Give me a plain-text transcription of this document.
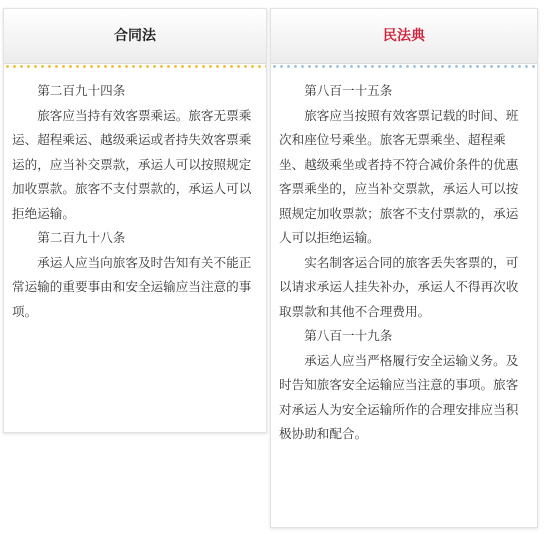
合同法

第二百九十四条

旅客应当持有效客票乘运。旅客无票乘运、超程乘运、越级乘运或者持失效客票乘运的，应当补交票款，承运人可以按照规定加收票款。旅客不支付票款的，承运人可以拒绝运输。

第二百九十八条

承运人应当向旅客及时告知有关不能正常运输的重要事由和安全运输应当注意的事项。

民法典

第八百一十五条

旅客应当按照有效客票记载的时间、班次和座位号乘坐。旅客无票乘坐、超程乘坐、越级乘坐或者持不符合减价条件的优惠客票乘坐的，应当补交票款，承运人可以按照规定加收票款；旅客不支付票款的，承运人可以拒绝运输。

实名制客运合同的旅客丢失客票的，可以请求承运人挂失补办，承运人不得再次收取票款和其他不合理费用。

第八百一十九条

承运人应当严格履行安全运输义务。及时告知旅客安全运输应当注意的事项。旅客对承运人为安全运输所作的合理安排应当积极协助和配合。
